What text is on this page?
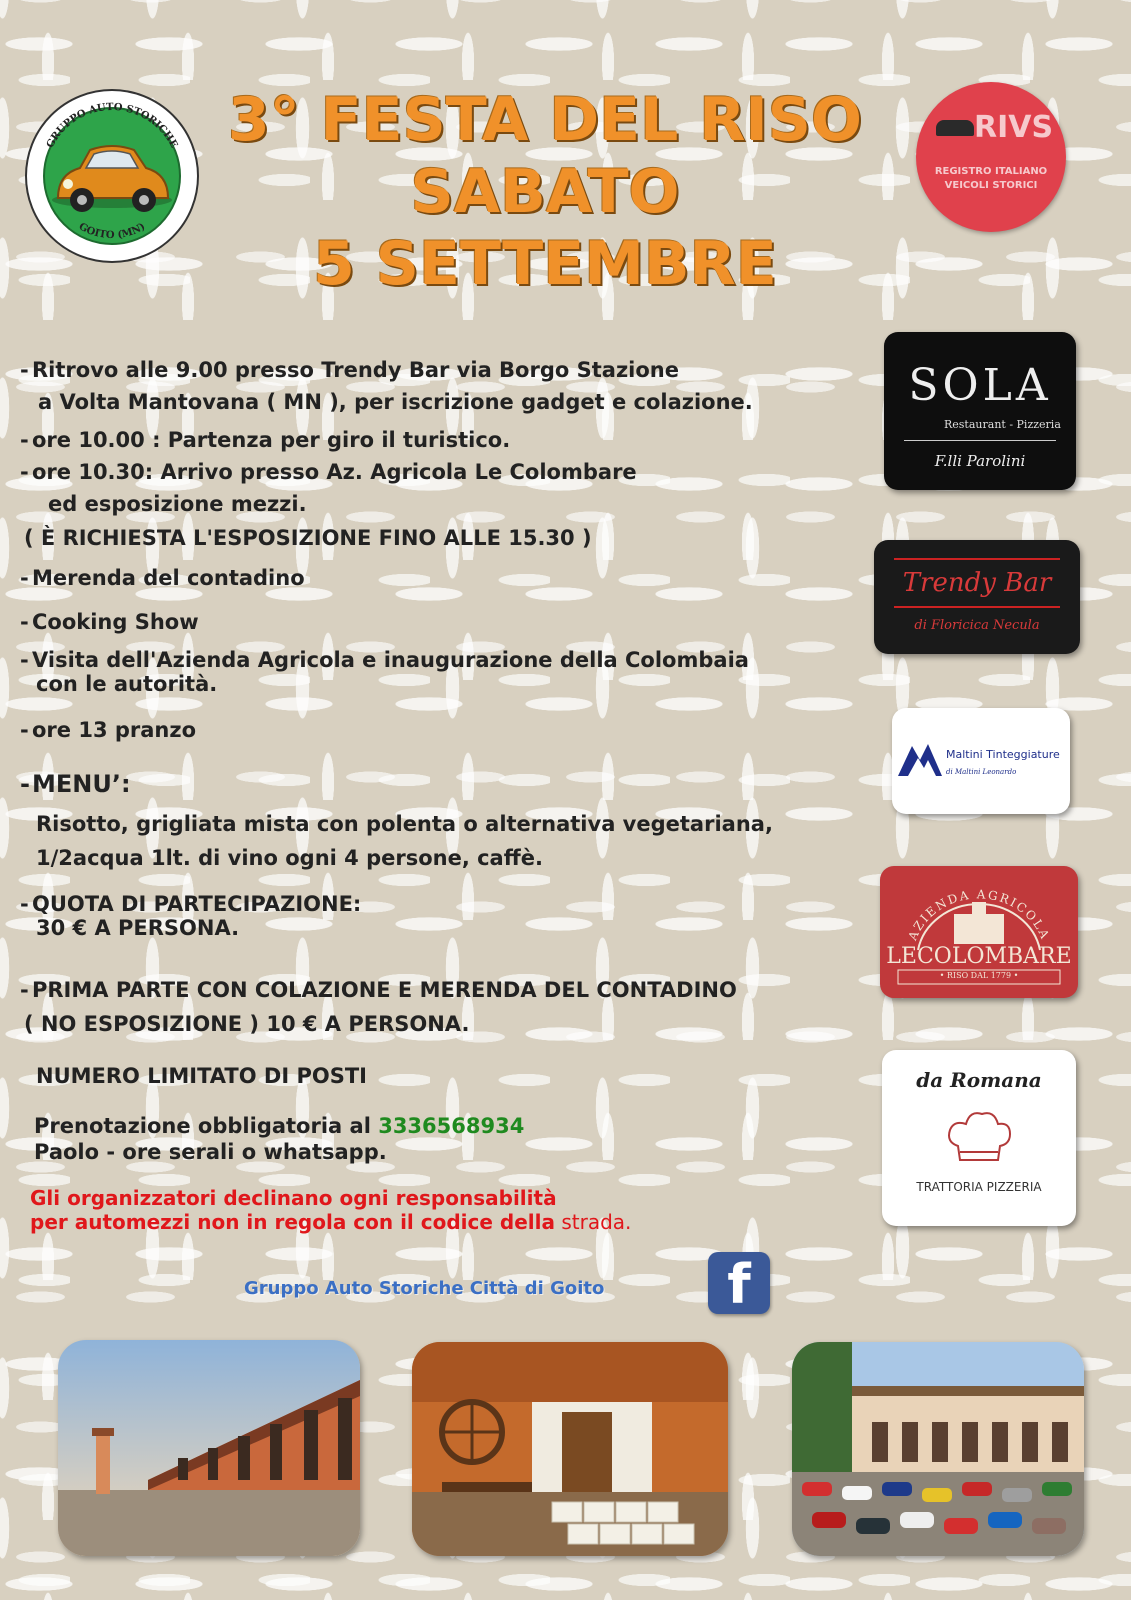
GRUPPO AUTO STORICHE
GOITO (MN)
3° FESTA DEL RISO
SABATO
5 SETTEMBRE
RIVS
REGISTRO ITALIANO
VEICOLI STORICI
- Ritrovo alle 9.00 presso Trendy Bar via Borgo Stazione
a Volta Mantovana ( MN ), per iscrizione gadget e colazione.
- ore 10.00 : Partenza per giro il turistico.
- ore 10.30: Arrivo presso Az. Agricola Le Colombare
ed esposizione mezzi.
( È RICHIESTA L'ESPOSIZIONE FINO ALLE 15.30 )
- Merenda del contadino
- Cooking Show
- Visita dell'Azienda Agricola e inaugurazione della Colombaia
con le autorità.
- ore 13 pranzo
-MENU’:
Risotto, grigliata mista con polenta o alternativa vegetariana,
1/2acqua 1lt. di vino ogni 4 persone, caffè.
- QUOTA DI PARTECIPAZIONE:
30 € A PERSONA.
- PRIMA PARTE CON COLAZIONE E MERENDA DEL CONTADINO
( NO ESPOSIZIONE ) 10 € A PERSONA.
NUMERO LIMITATO DI POSTI
Prenotazione obbligatoria al 3336568934
Paolo - ore serali o whatsapp.
Gli organizzatori declinano ogni responsabilità
per automezzi non in regola con il codice della strada.
Gruppo Auto Storiche Città di Goito	f
SOLA
Restaurant - Pizzeria
F.lli Parolini
Trendy Bar
di Floricica Necula
Maltini Tinteggiature
di Maltini Leonardo
AZIENDA AGRICOLA
LECOLOMBARE
• RISO DAL 1779 •
da Romana
TRATTORIA PIZZERIA
